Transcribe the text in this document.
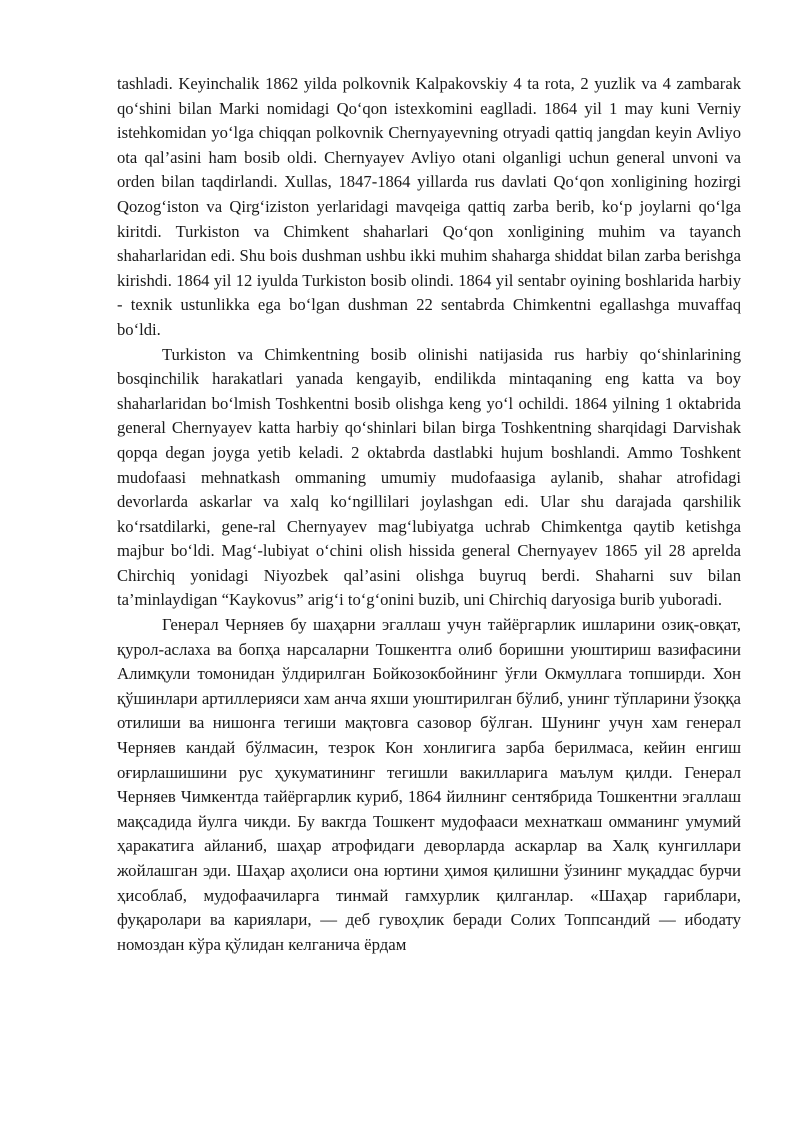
tashladi. Keyinchalik 1862 yilda polkovnik Kalpakovskiy 4 ta rota, 2 yuzlik va 4 zambarak qo‘shini bilan Marki nomidagi Qo‘qon istexkomini eaglladi. 1864 yil 1 may kuni Verniy istehkomidan yo‘lga chiqqan polkovnik Chernyayevning otryadi qattiq jangdan keyin Avliyo ota qal’asini ham bosib oldi. Chernyayev Avliyo otani olganligi uchun general unvoni va orden bilan taqdirlandi. Xullas, 1847-1864 yillarda rus davlati Qo‘qon xonligining hozirgi Qozog‘iston va Qirg‘iziston yerlaridagi mavqeiga qattiq zarba berib, ko‘p joylarni qo‘lga kiritdi. Turkiston va Chimkent shaharlari Qo‘qon xonligining muhim va tayanch shaharlaridan edi. Shu bois dushman ushbu ikki muhim shaharga shiddat bilan zarba berishga kirishdi. 1864 yil 12 iyulda Turkiston bosib olindi. 1864 yil sentabr oyining boshlarida harbiy - texnik ustunlikka ega bo‘lgan dushman 22 sentabrda Chimkentni egallashga muvaffaq bo‘ldi.

Turkiston va Chimkentning bosib olinishi natijasida rus harbiy qo‘shinlarining bosqinchilik harakatlari yanada kengayib, endilikda mintaqaning eng katta va boy shaharlaridan bo‘lmish Toshkentni bosib olishga keng yo‘l ochildi. 1864 yilning 1 oktabrida general Chernyayev katta harbiy qo‘shinlari bilan birga Toshkentning sharqidagi Darvishak qopqa degan joyga yetib keladi. 2 oktabrda dastlabki hujum boshlandi. Ammo Toshkent mudofaasi mehnatkash ommaning umumiy mudofaasiga aylanib, shahar atrofidagi devorlarda askarlar va xalq ko‘ngillilari joylashgan edi. Ular shu darajada qarshilik ko‘rsatdilarki, gene-ral Chernyayev mag‘lubiyatga uchrab Chimkentga qaytib ketishga majbur bo‘ldi. Mag‘-lubiyat o‘chini olish hissida general Chernyayev 1865 yil 28 aprelda Chirchiq yonidagi Niyozbek qal’asini olishga buyruq berdi. Shaharni suv bilan ta’minlaydigan “Kaykovus” arig‘i to‘g‘onini buzib, uni Chirchiq daryosiga burib yuboradi.

Генерал Черняев бу шаҳарни эгаллаш учун тайёргарлик ишларини озиқ-овқат, қурол-аслаха ва бопҳа нарсаларни Тошкентга олиб боришни уюштириш вазифасини Алимқули томонидан ўлдирилган Бойкозокбойнинг ўғли Окмуллага топширди. Хон қўшинлари артиллерияси хам анча яхши уюштирилган бўлиб, унинг тўпларини ўзоққа отилиши ва нишонга тегиши мақтовга сазовор бўлган. Шунинг учун хам генерал Черняев кандай бўлмасин, тезрок Кон хонлигига зарба берилмаса, кейин енгиш оғирлашишини рус ҳукуматининг тегишли вакилларига маълум қилди. Генерал Черняев Чимкентда тайёргарлик куриб, 1864 йилнинг сентябрида Тошкентни эгаллаш мақсадида йулга чикди. Бу вакгда Тошкент мудофааси мехнаткаш омманинг умумий ҳаракатига айланиб, шаҳар атрофидаги деворларда аскарлар ва Халқ кунгиллари жойлашган эди. Шаҳар аҳолиси она юртини ҳимоя қилишни ўзининг муқаддас бурчи ҳисоблаб, мудофаачиларга тинмай гамхурлик қилганлар. «Шаҳар гариблари, фуқаролари ва кариялари, — деб гувоҳлик беради Солих Топпсандий — ибодату номоздан кўра қўлидан келганича ёрдам
